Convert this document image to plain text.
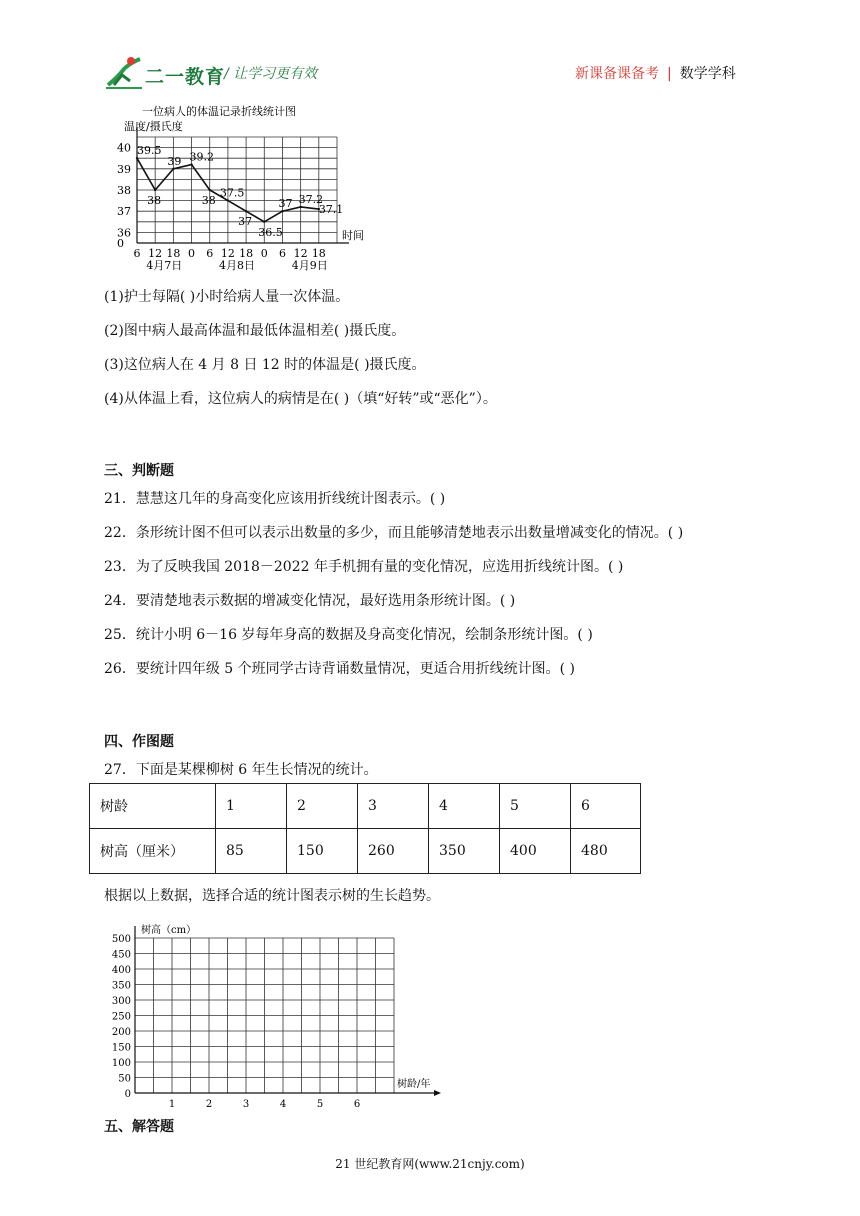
二一教育
/ 让学习更有效	新课备课备考 | 数学学科
一位病人的体温记录折线统计图
温度/摄氏度
时间
40
39
38
37
36
0
6 12 18 0 6 12 18 0 6 12 18
4月7日	4月8日	4月9日
39.5
38
39 39.2
38
37.5
37
36.5
37 37.2
37.1
(1)护士每隔( )小时给病人量一次体温。
(2)图中病人最高体温和最低体温相差( )摄氏度。
(3)这位病人在 4 月 8 日 12 时的体温是( )摄氏度。
(4)从体温上看，这位病人的病情是在( )（填“好转”或“恶化”）。
三、判断题
21．慧慧这几年的身高变化应该用折线统计图表示。( )
22．条形统计图不但可以表示出数量的多少，而且能够清楚地表示出数量增减变化的情况。( )
23．为了反映我国 2018－2022 年手机拥有量的变化情况，应选用折线统计图。( )
24．要清楚地表示数据的增减变化情况，最好选用条形统计图。( )
25．统计小明 6－16 岁每年身高的数据及身高变化情况，绘制条形统计图。( )
26．要统计四年级 5 个班同学古诗背诵数量情况，更适合用折线统计图。( )
四、作图题
27．下面是某棵柳树 6 年生长情况的统计。
树龄	1	2	3	4	5	6
树高（厘米）	85	150	260	350	400	480
根据以上数据，选择合适的统计图表示树的生长趋势。
树高（cm）
树龄/年
500
450
400
350
300
250
200
150
100
50
0
1	2	3	4	5	6
五、解答题
21 世纪教育网(www.21cnjy.com)
